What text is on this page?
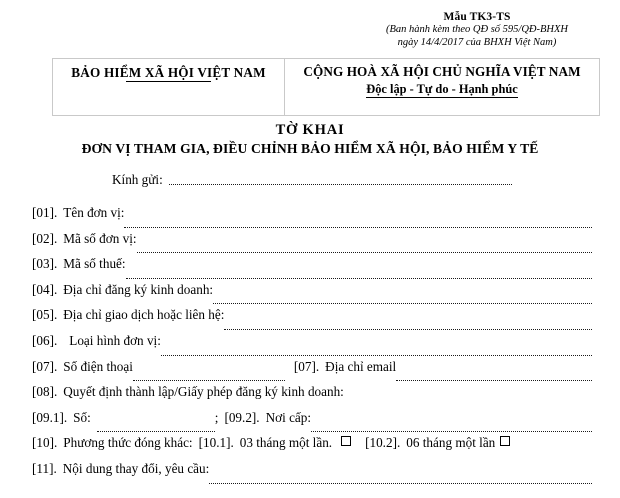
Mẫu TK3-TS
(Ban hành kèm theo QĐ số 595/QĐ-BHXH
ngày 14/4/2017 của BHXH Việt Nam)
BẢO HIỂM XÃ HỘI VIỆT NAM	CỘNG HOÀ XÃ HỘI CHỦ NGHĨA VIỆT NAM
Độc lập - Tự do - Hạnh phúc
TỜ KHAI
ĐƠN VỊ THAM GIA, ĐIỀU CHỈNH BẢO HIỂM XÃ HỘI, BẢO HIỂM Y TẾ
Kính gửi:
[01]. Tên đơn vị:
[02]. Mã số đơn vị:
[03]. Mã số thuế:
[04]. Địa chỉ đăng ký kinh doanh:
[05]. Địa chỉ giao dịch hoặc liên hệ:
[06]. Loại hình đơn vị:
[07]. Số điện thoại	[07]. Địa chỉ email
[08]. Quyết định thành lập/Giấy phép đăng ký kinh doanh:
[09.1]. Số:	; [09.2]. Nơi cấp:
[10]. Phương thức đóng khác: [10.1]. 03 tháng một lần.	[10.2]. 06 tháng một lần
[11]. Nội dung thay đổi, yêu cầu:
